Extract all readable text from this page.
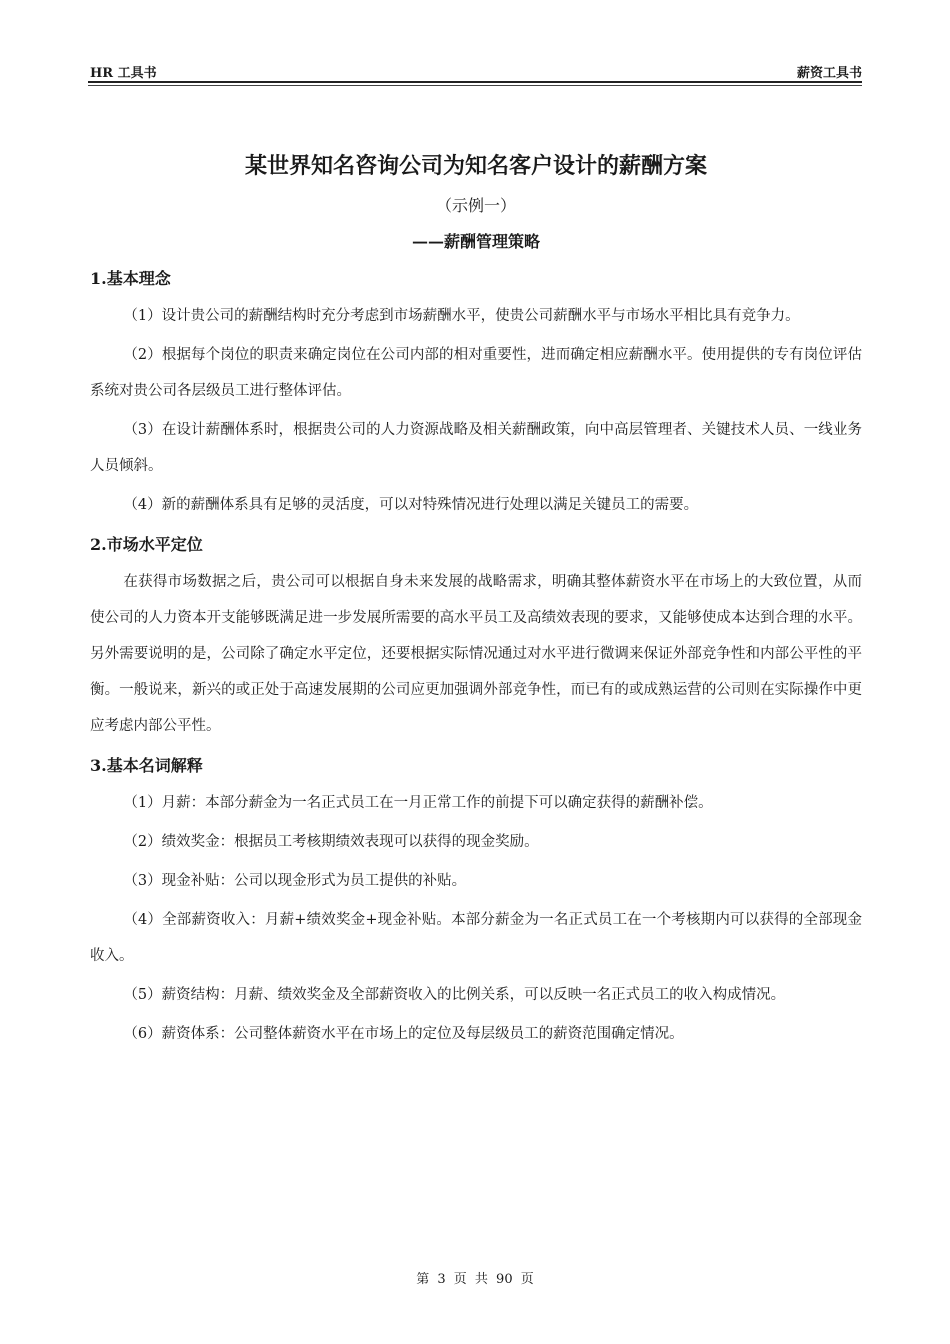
HR 工具书	薪资工具书
某世界知名咨询公司为知名客户设计的薪酬方案
（示例一）
——薪酬管理策略
1.基本理念

（1）设计贵公司的薪酬结构时充分考虑到市场薪酬水平，使贵公司薪酬水平与市场水平相比具有竞争力。

（2）根据每个岗位的职责来确定岗位在公司内部的相对重要性，进而确定相应薪酬水平。使用提供的专有岗位评估系统对贵公司各层级员工进行整体评估。

（3）在设计薪酬体系时，根据贵公司的人力资源战略及相关薪酬政策，向中高层管理者、关键技术人员、一线业务人员倾斜。

（4）新的薪酬体系具有足够的灵活度，可以对特殊情况进行处理以满足关键员工的需要。

2.市场水平定位

在获得市场数据之后，贵公司可以根据自身未来发展的战略需求，明确其整体薪资水平在市场上的大致位置，从而使公司的人力资本开支能够既满足进一步发展所需要的高水平员工及高绩效表现的要求，又能够使成本达到合理的水平。另外需要说明的是，公司除了确定水平定位，还要根据实际情况通过对水平进行微调来保证外部竞争性和内部公平性的平衡。一般说来，新兴的或正处于高速发展期的公司应更加强调外部竞争性，而已有的或成熟运营的公司则在实际操作中更应考虑内部公平性。

3.基本名词解释

（1）月薪：本部分薪金为一名正式员工在一月正常工作的前提下可以确定获得的薪酬补偿。

（2）绩效奖金：根据员工考核期绩效表现可以获得的现金奖励。

（3）现金补贴：公司以现金形式为员工提供的补贴。

（4）全部薪资收入：月薪+绩效奖金+现金补贴。本部分薪金为一名正式员工在一个考核期内可以获得的全部现金收入。

（5）薪资结构：月薪、绩效奖金及全部薪资收入的比例关系，可以反映一名正式员工的收入构成情况。

（6）薪资体系：公司整体薪资水平在市场上的定位及每层级员工的薪资范围确定情况。

第 3 页 共 90 页
